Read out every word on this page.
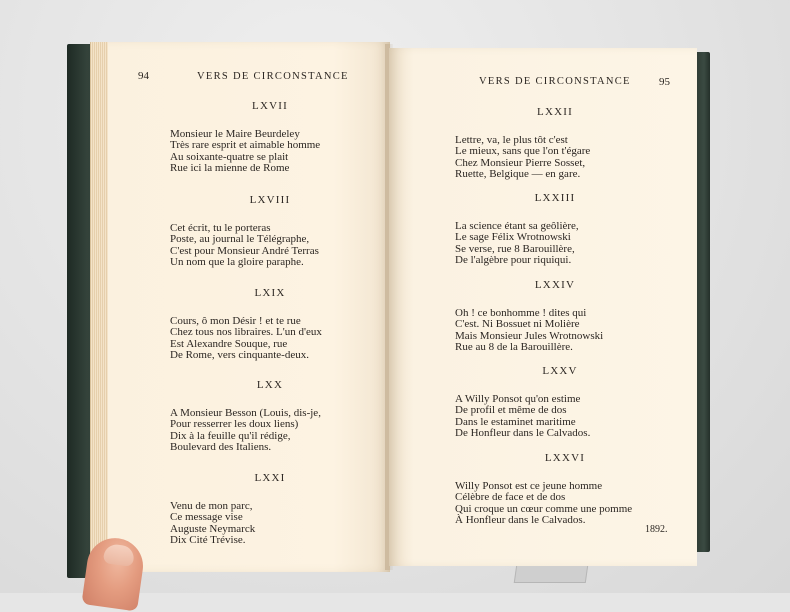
94	VERS DE CIRCONSTANCE
LXVII
Monsieur le Maire Beurdeley
Très rare esprit et aimable homme
Au soixante-quatre se plait
Rue ici la mienne de Rome
LXVIII
Cet écrit, tu le porteras
Poste, au journal le Télégraphe,
C'est pour Monsieur André Terras
Un nom que la gloire paraphe.
LXIX
Cours, ô mon Désir ! et te rue
Chez tous nos libraires. L'un d'eux
Est Alexandre Souque, rue
De Rome, vers cinquante-deux.
LXX
A Monsieur Besson (Louis, dis-je,
Pour resserrer les doux liens)
Dix à la feuille qu'il rédige,
Boulevard des Italiens.
LXXI
Venu de mon parc,
Ce message vise
Auguste Neymarck
Dix Cité Trévise.
VERS DE CIRCONSTANCE	95
LXXII
Lettre, va, le plus tôt c'est
Le mieux, sans que l'on t'égare
Chez Monsieur Pierre Sosset,
Ruette, Belgique — en gare.
LXXIII
La science étant sa geôlière,
Le sage Félix Wrotnowski
Se verse, rue 8 Barouillère,
De l'algèbre pour riquiqui.
LXXIV
Oh ! ce bonhomme ! dites qui
C'est. Ni Bossuet ni Molière
Mais Monsieur Jules Wrotnowski
Rue au 8 de la Barouillère.
LXXV
A Willy Ponsot qu'on estime
De profil et même de dos
Dans le estaminet maritime
De Honfleur dans le Calvados.
LXXVI
Willy Ponsot est ce jeune homme
Célèbre de face et de dos
Qui croque un cœur comme une pomme
À Honfleur dans le Calvados.
1892.
